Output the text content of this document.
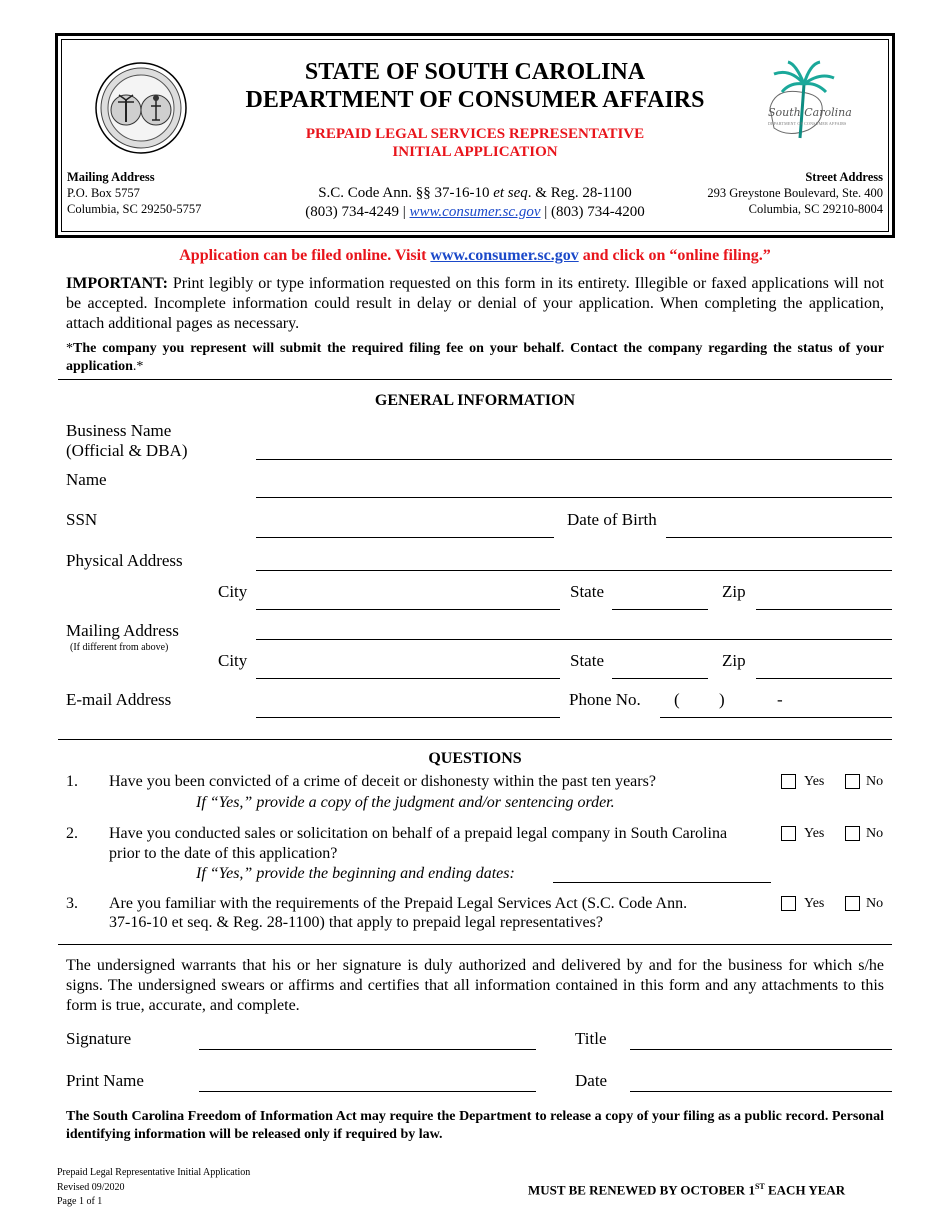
South Carolina
DEPARTMENT OF CONSUMER AFFAIRS
STATE OF SOUTH CAROLINA
DEPARTMENT OF CONSUMER AFFAIRS
PREPAID LEGAL SERVICES REPRESENTATIVE
INITIAL APPLICATION
Mailing Address
P.O. Box 5757
Columbia, SC 29250-5757
S.C. Code Ann. §§ 37-16-10 et seq. & Reg. 28-1100
(803) 734-4249 | www.consumer.sc.gov | (803) 734-4200
Street Address
293 Greystone Boulevard, Ste. 400
Columbia, SC 29210-8004
Application can be filed online. Visit www.consumer.sc.gov and click on “online filing.”
IMPORTANT: Print legibly or type information requested on this form in its entirety. Illegible or faxed applications will not be accepted. Incomplete information could result in delay or denial of your application. When completing the application, attach additional pages as necessary.
*The company you represent will submit the required filing fee on your behalf. Contact the company regarding the status of your application.*
GENERAL INFORMATION
Business Name
(Official & DBA)
Name
SSN	Date of Birth
Physical Address
City	State	Zip
Mailing Address
(If different from above)
City	State	Zip
E-mail Address	Phone No. ( )	-
QUESTIONS
1. Have you been convicted of a crime of deceit or dishonesty within the past ten years?
If “Yes,” provide a copy of the judgment and/or sentencing order.
Yes	No
2. Have you conducted sales or solicitation on behalf of a prepaid legal company in South Carolina
prior to the date of this application?
If “Yes,” provide the beginning and ending dates:
Yes	No
3. Are you familiar with the requirements of the Prepaid Legal Services Act (S.C. Code Ann.
37-16-10 et seq. & Reg. 28-1100) that apply to prepaid legal representatives?
Yes	No
The undersigned warrants that his or her signature is duly authorized and delivered by and for the business for which s/he signs. The undersigned swears or affirms and certifies that all information contained in this form and any attachments to this form is true, accurate, and complete.
Signature	Title
Print Name	Date
The South Carolina Freedom of Information Act may require the Department to release a copy of your filing as a public record. Personal identifying information will be released only if required by law.
Prepaid Legal Representative Initial Application
Revised 09/2020
Page 1 of 1
MUST BE RENEWED BY OCTOBER 1ST EACH YEAR
